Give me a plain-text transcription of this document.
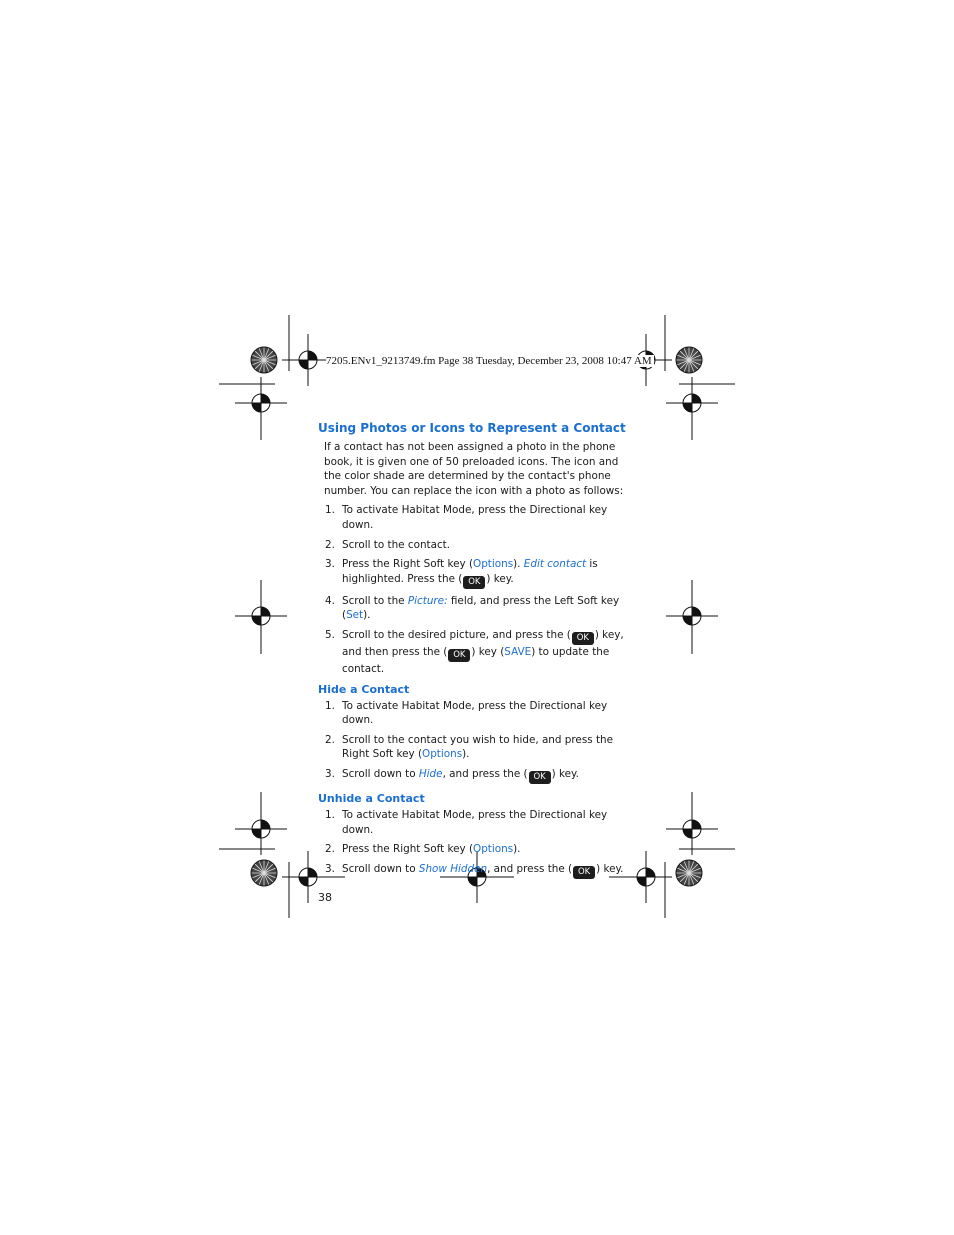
7205.ENv1_9213749.fm Page 38 Tuesday, December 23, 2008 10:47 AM
Using Photos or Icons to Represent a Contact

If a contact has not been assigned a photo in the phone book, it is given one of 50 preloaded icons. The icon and the color shade are determined by the contact's phone number. You can replace the icon with a photo as follows:

1. To activate Habitat Mode, press the Directional key down.
2. Scroll to the contact.
3. Press the Right Soft key (Options). Edit contact is highlighted. Press the ( OK ) key.
4. Scroll to the Picture: field, and press the Left Soft key (Set).
5. Scroll to the desired picture, and press the ( OK ) key, and then press the ( OK ) key (SAVE) to update the contact.
Hide a Contact
1. To activate Habitat Mode, press the Directional key down.
2. Scroll to the contact you wish to hide, and press the Right Soft key (Options).
3. Scroll down to Hide, and press the ( OK ) key.
Unhide a Contact
1. To activate Habitat Mode, press the Directional key down.
2. Press the Right Soft key (Options).
3. Scroll down to Show Hidden, and press the ( OK ) key.
38
